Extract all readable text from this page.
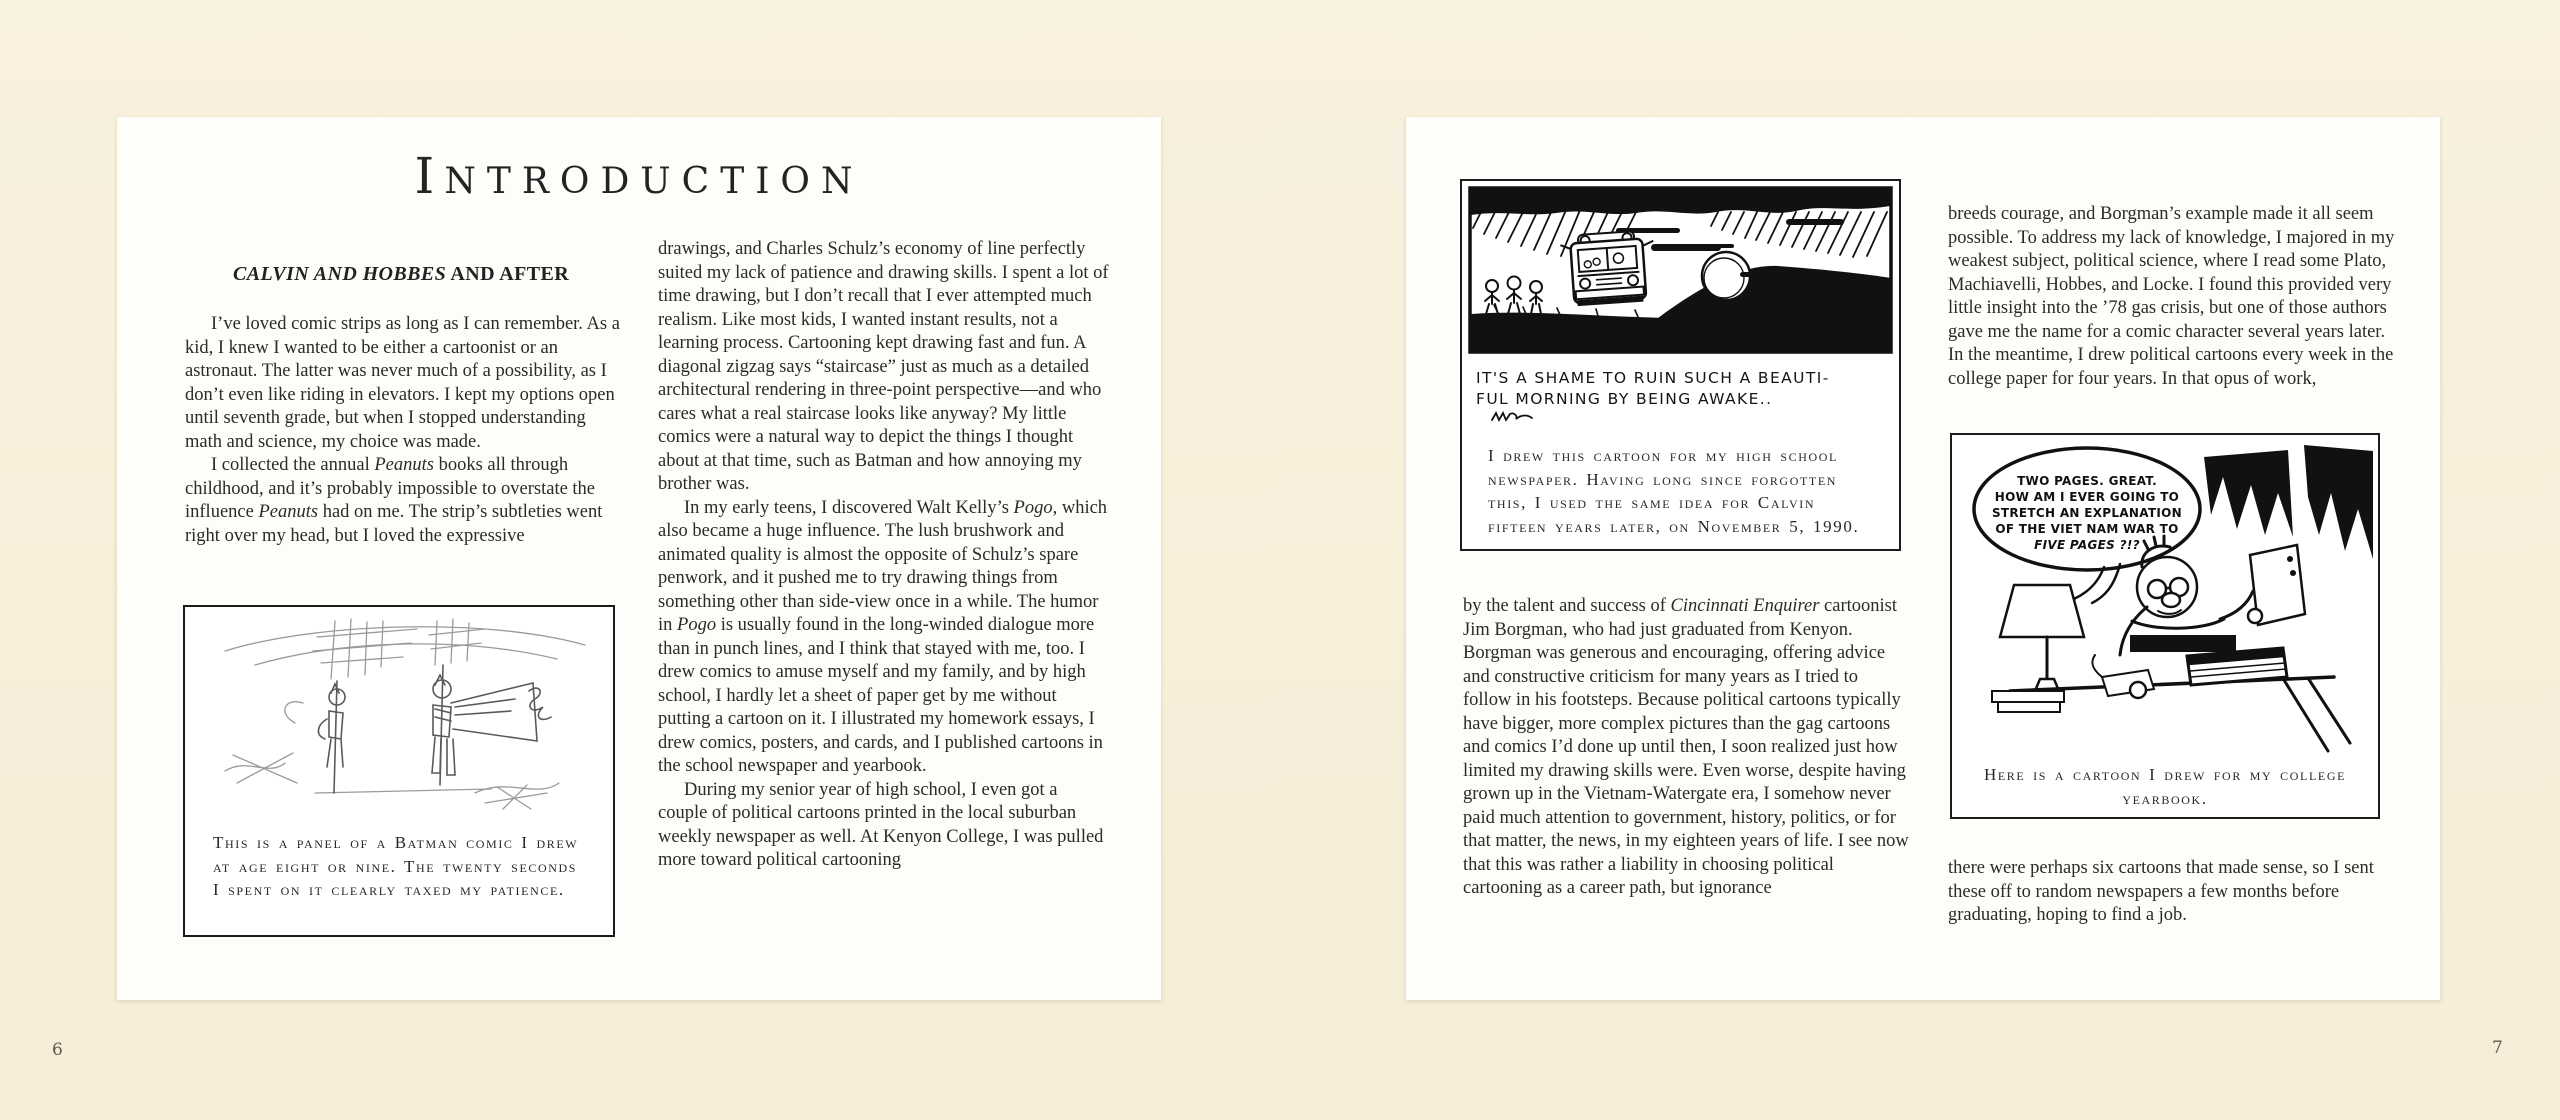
INTRODUCTION
CALVIN AND HOBBES AND AFTER

I’ve loved comic strips as long as I can remember. As a kid, I knew I wanted to be either a cartoonist or an astronaut. The latter was never much of a possibility, as I don’t even like riding in elevators. I kept my options open until seventh grade, but when I stopped understanding math and science, my choice was made.

I collected the annual Peanuts books all through childhood, and it’s probably impossible to overstate the influence Peanuts had on me. The strip’s subtleties went right over my head, but I loved the expressive

This is a panel of a Batman comic I drew at age eight or nine. The twenty seconds I spent on it clearly taxed my patience.

drawings, and Charles Schulz’s economy of line perfectly suited my lack of patience and drawing skills. I spent a lot of time drawing, but I don’t recall that I ever attempted much realism. Like most kids, I wanted instant results, not a learning process. Cartooning kept drawing fast and fun. A diagonal zigzag says “staircase” just as much as a detailed architectural rendering in three-point perspective—and who cares what a real staircase looks like anyway? My little comics were a natural way to depict the things I thought about at that time, such as Batman and how annoying my brother was.

In my early teens, I discovered Walt Kelly’s Pogo, which also became a huge influence. The lush brushwork and animated quality is almost the opposite of Schulz’s spare penwork, and it pushed me to try drawing things from something other than side-view once in a while. The humor in Pogo is usually found in the long-winded dialogue more than in punch lines, and I think that stayed with me, too. I drew comics to amuse myself and my family, and by high school, I hardly let a sheet of paper get by me without putting a cartoon on it. I illustrated my homework essays, I drew comics, posters, and cards, and I published cartoons in the school newspaper and yearbook.

During my senior year of high school, I even got a couple of political cartoons printed in the local suburban weekly newspaper as well. At Kenyon College, I was pulled more toward political cartooning

IT'S A SHAME TO RUIN SUCH A BEAUTI-
FUL MORNING BY BEING AWAKE..
I drew this cartoon for my high school newspaper. Having long since forgotten this, I used the same idea for Calvin fifteen years later, on November 5, 1990.

by the talent and success of Cincinnati Enquirer cartoonist Jim Borgman, who had just graduated from Kenyon. Borgman was generous and encouraging, offering advice and constructive criticism for many years as I tried to follow in his footsteps. Because political cartoons typically have bigger, more complex pictures than the gag cartoons and comics I’d done up until then, I soon realized just how limited my drawing skills were. Even worse, despite having grown up in the Vietnam-Watergate era, I somehow never paid much attention to government, history, politics, or for that matter, the news, in my eighteen years of life. I see now that this was rather a liability in choosing political cartooning as a career path, but ignorance

breeds courage, and Borgman’s example made it all seem possible. To address my lack of knowledge, I majored in my weakest subject, political science, where I read some Plato, Machiavelli, Hobbes, and Locke. I found this provided very little insight into the ’78 gas crisis, but one of those authors gave me the name for a comic character several years later. In the meantime, I drew political cartoons every week in the college paper for four years. In that opus of work,

TWO PAGES. GREAT.
HOW AM I EVER GOING TO
STRETCH AN EXPLANATION
OF THE VIET NAM WAR TO
FIVE PAGES ?!?
Here is a cartoon I drew for my college yearbook.

there were perhaps six cartoons that made sense, so I sent these off to random newspapers a few months before graduating, hoping to find a job.

6	7
